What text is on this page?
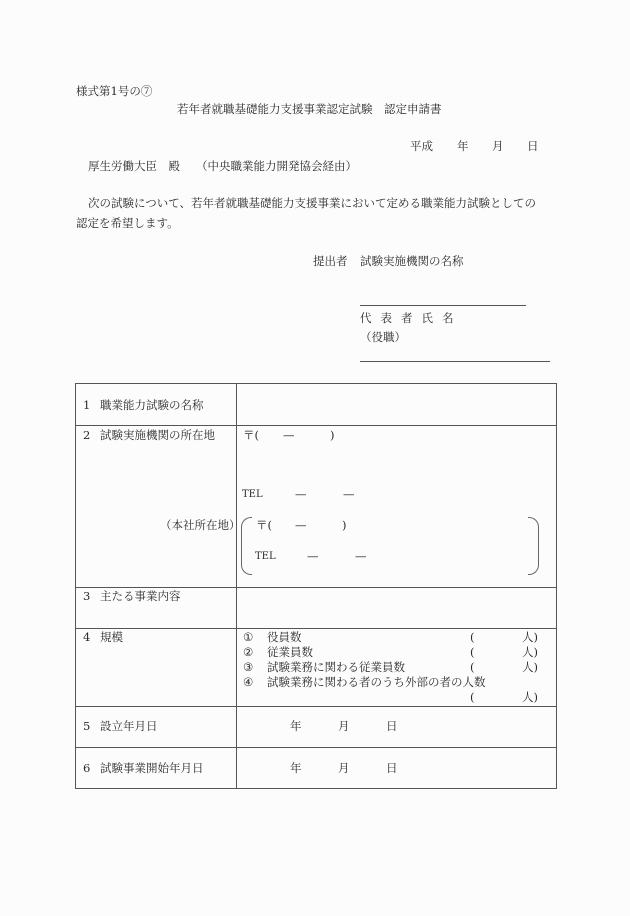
様式第1号の⑦
若年者就職基礎能力支援事業認定試験　認定申請書
平成 年 月 日
厚生労働大臣　殿 （中央職業能力開発協会経由）
次の試験について、若年者就職基礎能力支援事業において定める職業能力試験としての
認定を希望します。
提出者 試験実施機関の名称
代 表 者 氏 名
（役職）
1 職業能力試験の名称
2 試験実施機関の所在地
（本社所在地）
〒( —	)
TEL	—	—
〒( —	)
TEL	—	—
3 主たる事業内容
4 規模	① 役員数	(	人)
② 従業員数	(	人)
③ 試験業務に関わる従業員数	(	人)
④ 試験業務に関わる者のうち外部の者の人数
(	人)
5 設立年月日	年	月	日
6 試験事業開始年月日	年	月	日
